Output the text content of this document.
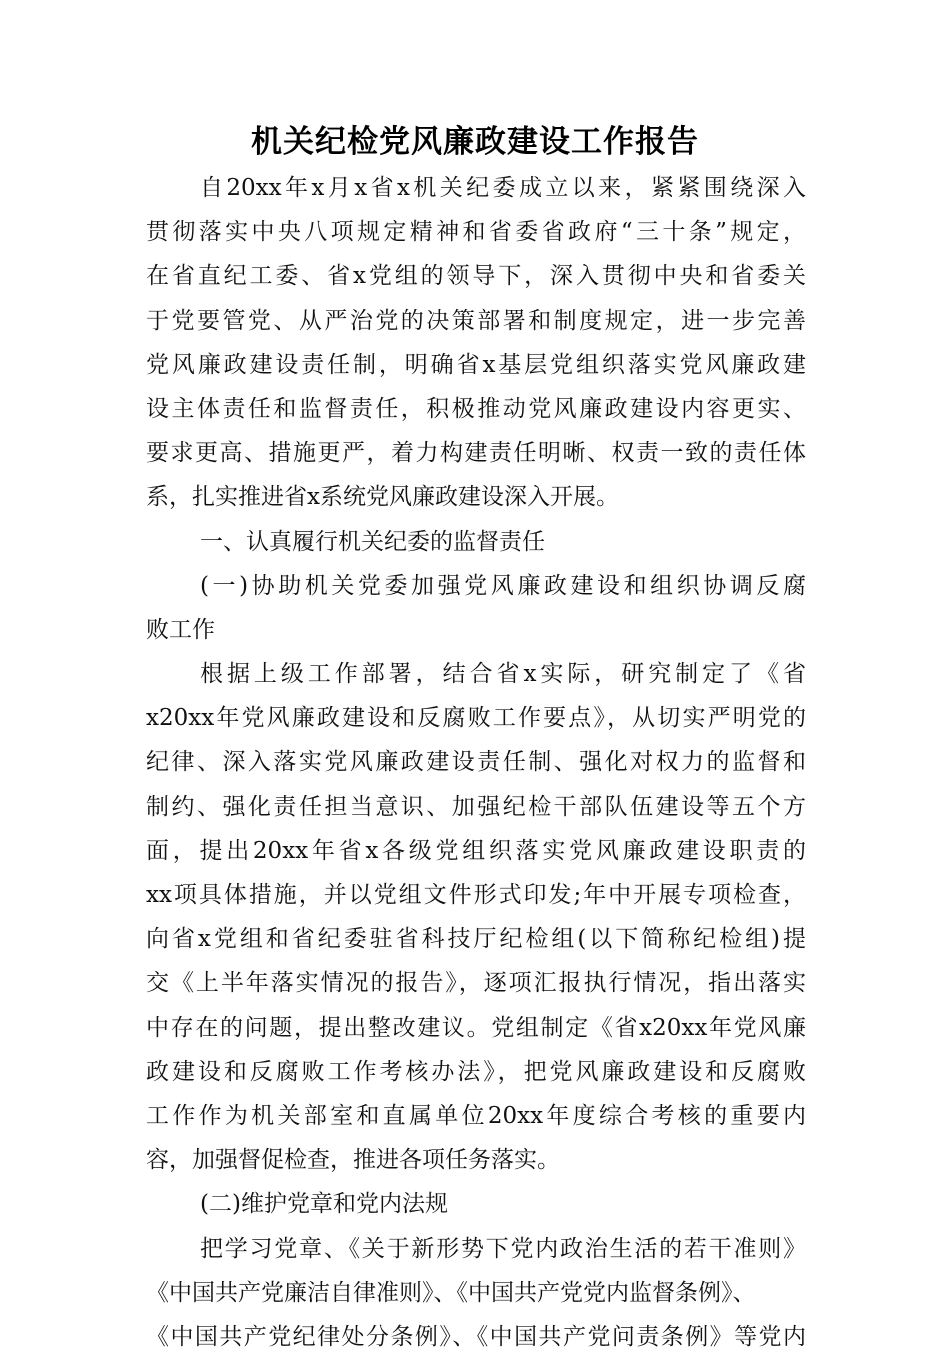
机关纪检党风廉政建设工作报告
自20xx年x月x省x机关纪委成立以来，紧紧围绕深入
贯彻落实中央八项规定精神和省委省政府“三十条”规定，
在省直纪工委、省x党组的领导下，深入贯彻中央和省委关
于党要管党、从严治党的决策部署和制度规定，进一步完善
党风廉政建设责任制，明确省x基层党组织落实党风廉政建
设主体责任和监督责任，积极推动党风廉政建设内容更实、
要求更高、措施更严，着力构建责任明晰、权责一致的责任体
系，扎实推进省x系统党风廉政建设深入开展。
一、认真履行机关纪委的监督责任
(一)协助机关党委加强党风廉政建设和组织协调反腐
败工作
根据上级工作部署，结合省x实际，研究制定了《省
x20xx年党风廉政建设和反腐败工作要点》，从切实严明党的
纪律、深入落实党风廉政建设责任制、强化对权力的监督和
制约、强化责任担当意识、加强纪检干部队伍建设等五个方
面，提出20xx年省x各级党组织落实党风廉政建设职责的
xx项具体措施，并以党组文件形式印发;年中开展专项检查，
向省x党组和省纪委驻省科技厅纪检组(以下简称纪检组)提
交《上半年落实情况的报告》，逐项汇报执行情况，指出落实
中存在的问题，提出整改建议。党组制定《省x20xx年党风廉
政建设和反腐败工作考核办法》，把党风廉政建设和反腐败
工作作为机关部室和直属单位20xx年度综合考核的重要内
容，加强督促检查，推进各项任务落实。
(二)维护党章和党内法规
把学习党章、《关于新形势下党内政治生活的若干准则》
《中国共产党廉洁自律准则》、《中国共产党党内监督条例》、
《中国共产党纪律处分条例》、《中国共产党问责条例》等党内
